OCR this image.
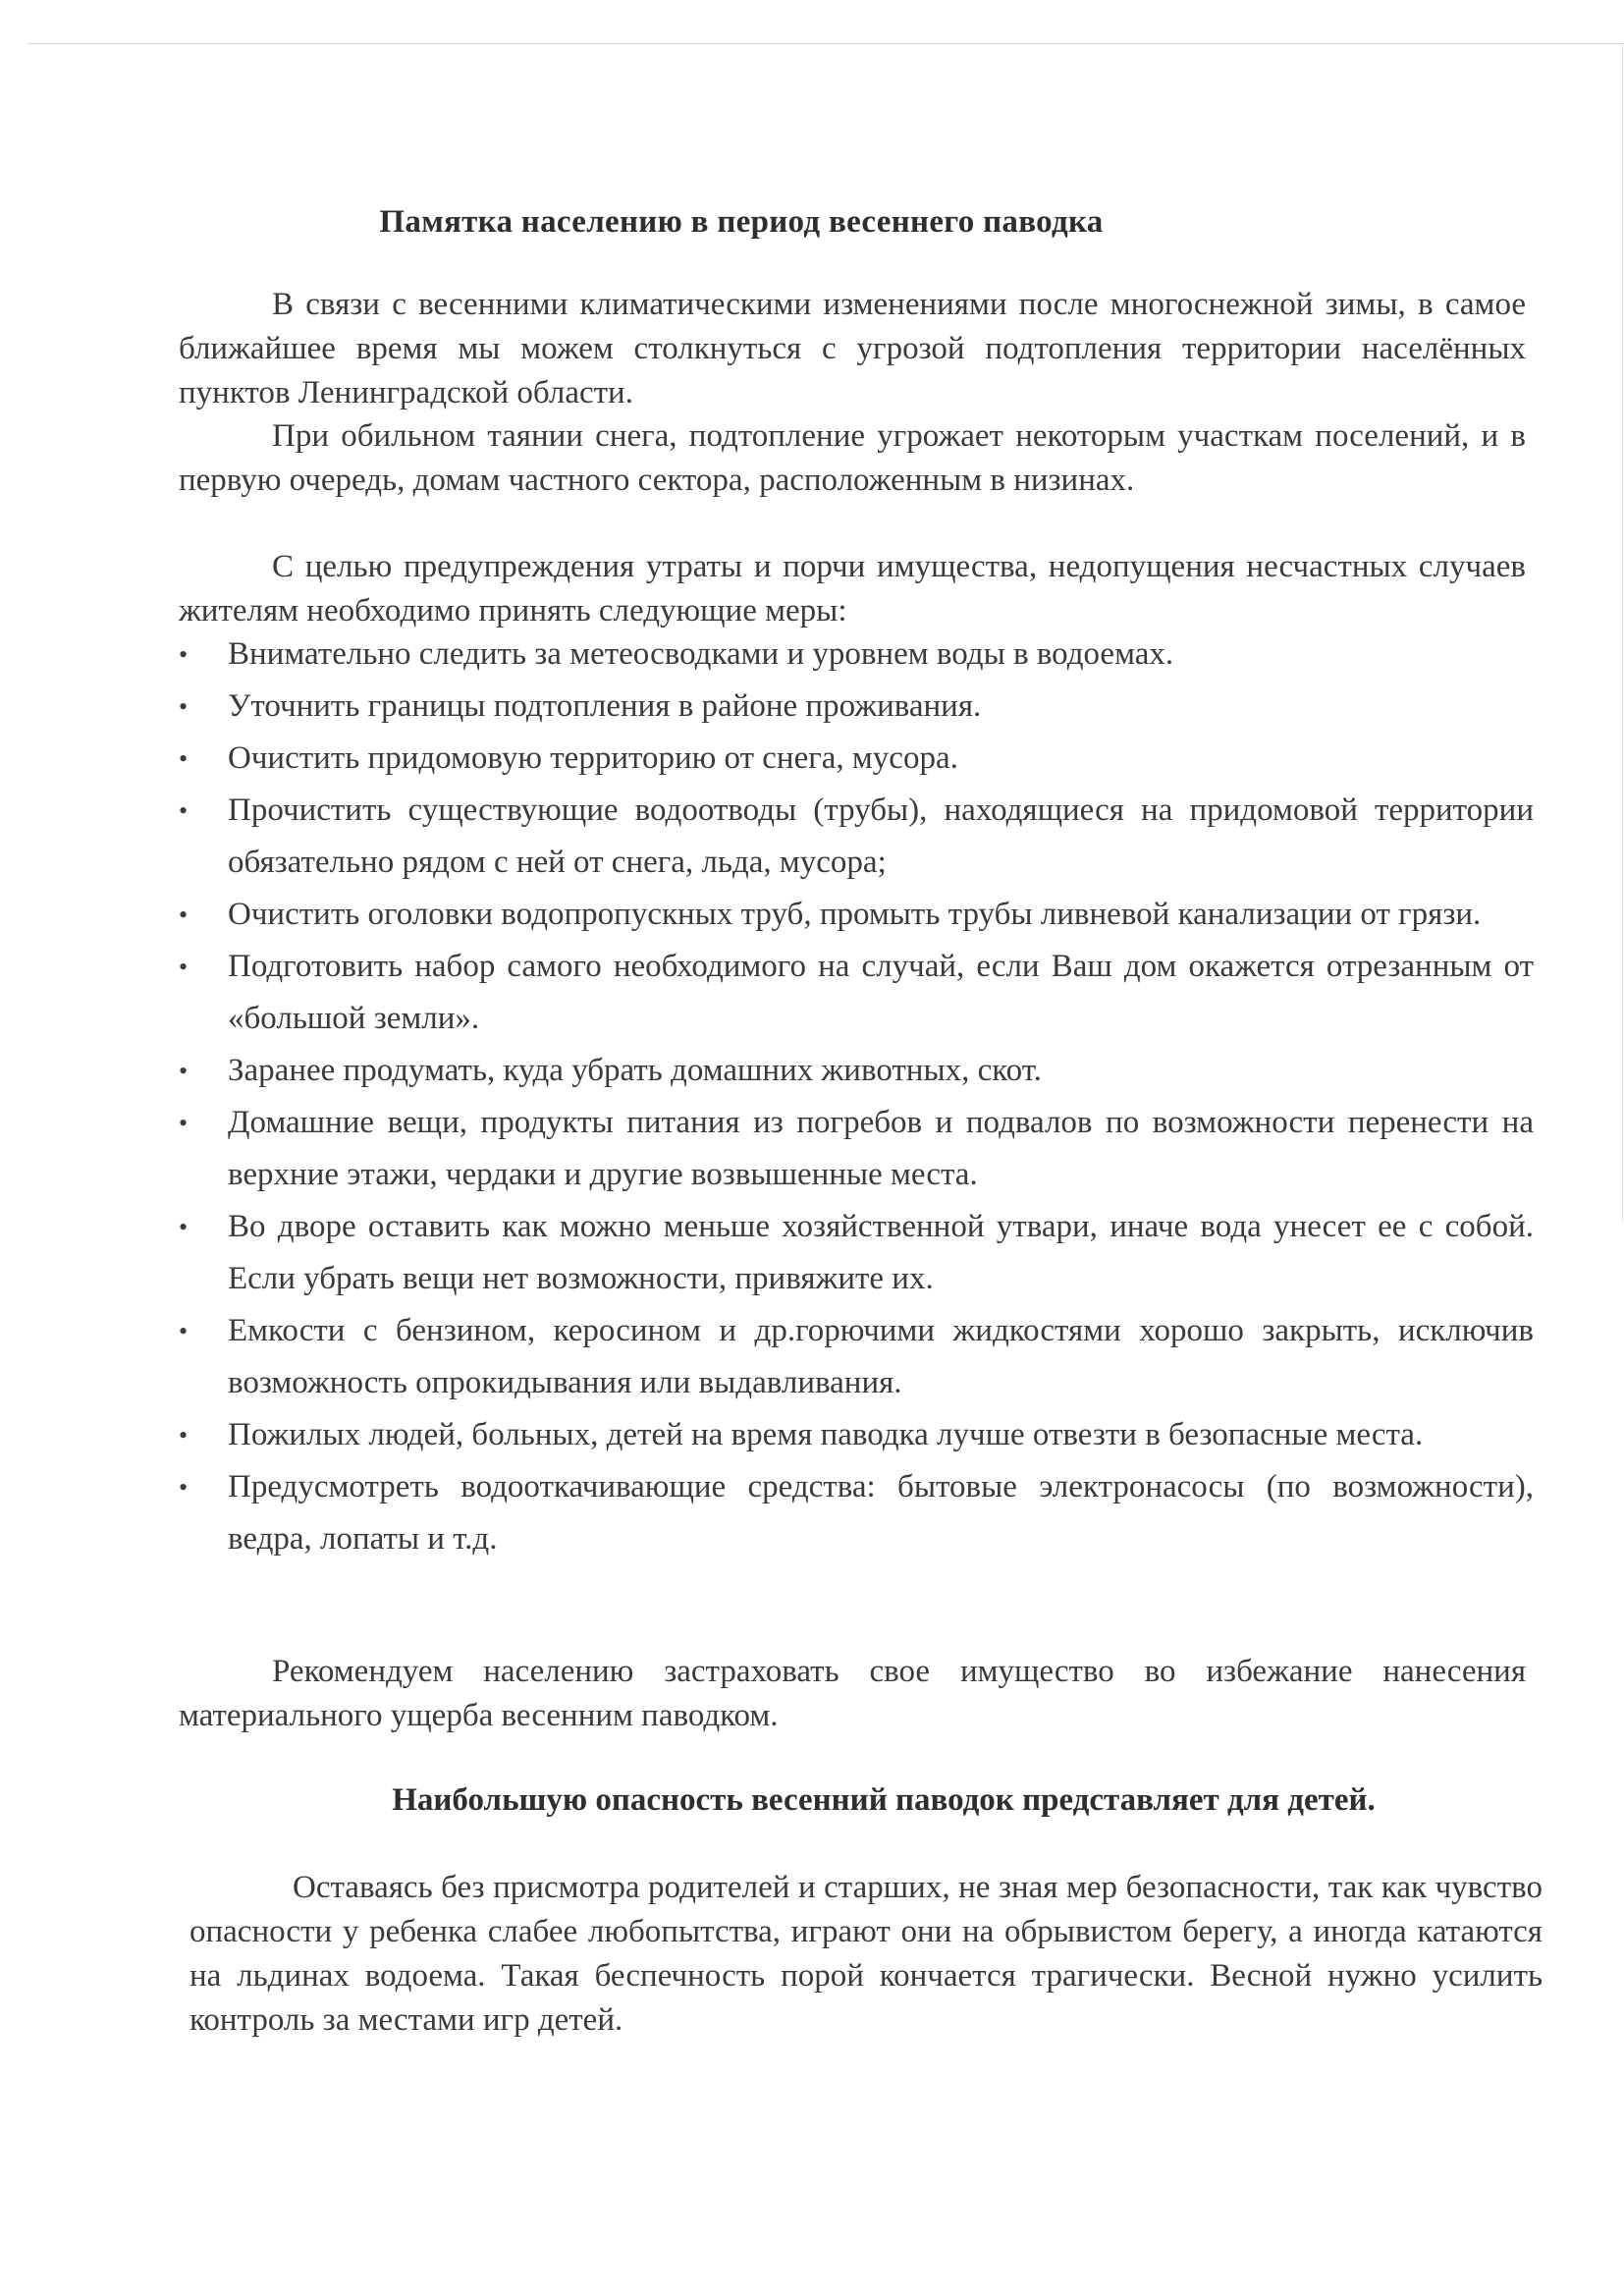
Памятка населению в период весеннего паводка
В связи с весенними климатическими изменениями после многоснежной зимы, в самое ближайшее время мы можем столкнуться с угрозой подтопления территории населённых пунктов Ленинградской области.
При обильном таянии снега, подтопление угрожает некоторым участкам поселений, и в первую очередь, домам частного сектора, расположенным в низинах.
С целью предупреждения утраты и порчи имущества, недопущения несчастных случаев жителям необходимо принять следующие меры:
•	Внимательно следить за метеосводками и уровнем воды в водоемах.
•	Уточнить границы подтопления в районе проживания.
•	Очистить придомовую территорию от снега, мусора.
•	Прочистить существующие водоотводы (трубы), находящиеся на придомовой территории обязательно рядом с ней от снега, льда, мусора;
•	Очистить оголовки водопропускных труб, промыть трубы ливневой канализации от грязи.
•	Подготовить набор самого необходимого на случай, если Ваш дом окажется отрезанным от «большой земли».
•	Заранее продумать, куда убрать домашних животных, скот.
•	Домашние вещи, продукты питания из погребов и подвалов по возможности перенести на верхние этажи, чердаки и другие возвышенные места.
•	Во дворе оставить как можно меньше хозяйственной утвари, иначе вода унесет ее с собой. Если убрать вещи нет возможности, привяжите их.
•	Емкости с бензином, керосином и др.горючими жидкостями хорошо закрыть, исключив возможность опрокидывания или выдавливания.
•	Пожилых людей, больных, детей на время паводка лучше отвезти в безопасные места.
•	Предусмотреть водооткачивающие средства: бытовые электронасосы (по возможности), ведра, лопаты и т.д.
Рекомендуем населению застраховать свое имущество во избежание нанесения материального ущерба весенним паводком.
Наибольшую опасность весенний паводок представляет для детей.
Оставаясь без присмотра родителей и старших, не зная мер безопасности, так как чувство опасности у ребенка слабее любопытства, играют они на обрывистом берегу, а иногда катаются на льдинах водоема. Такая беспечность порой кончается трагически. Весной нужно усилить контроль за местами игр детей.
